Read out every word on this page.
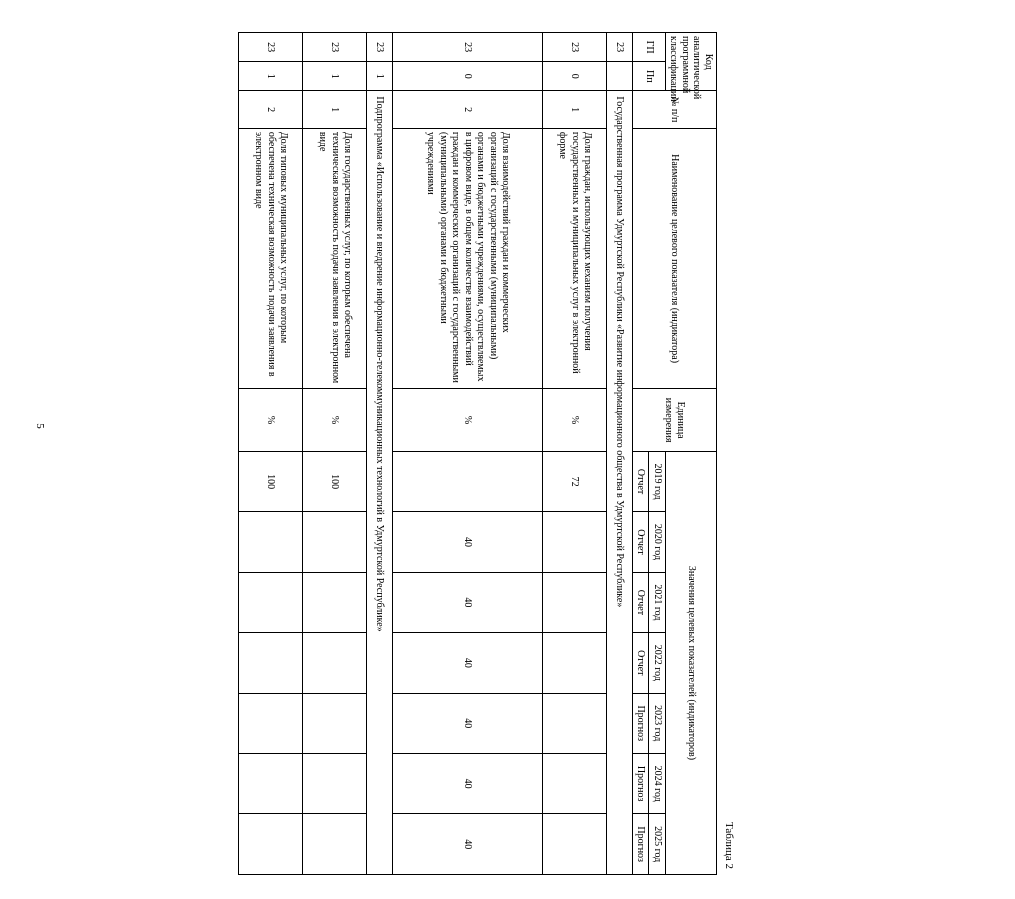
5
Таблица 2
Код аналитической программной классификации		№ п/п	Наименование целевого показателя (индикатора)	Единица измерения	Значения целевых показателей (индикаторов)						
ГП	Пп				2019 год	2020 год	2021 год	2022 год	2023 год	2024 год	2025 год
					Отчет	Отчет	Отчет	Отчет	Прогноз	Прогноз	Прогноз
23		Государственная программа Удмуртской Республики «Развитие информационного общества в Удмуртской Республике»									
23	0	1	Доля граждан, использующих механизм получения государственных и муниципальных услуг в электронной форме	%	72						
23	0	2	Доля взаимодействий граждан и коммерческих организаций с государственными (муниципальными) органами и бюджетными учреждениями, осуществляемых в цифровом виде, в общем количестве взаимодействий граждан и коммерческих организаций с государственными (муниципальными) органами и бюджетными учреждениями	%		40	40	40	40	40	40
23	1	Подпрограмма «Использование и внедрение информационно-телекоммуникационных технологий в Удмуртской Республике»									
23	1	1	Доля государственных услуг, по которым обеспечена техническая возможность подачи заявления в электронном виде	%	100						
23	1	2	Доля типовых муниципальных услуг, по которым обеспечена техническая возможность подачи заявления в электронном виде	%	100						
